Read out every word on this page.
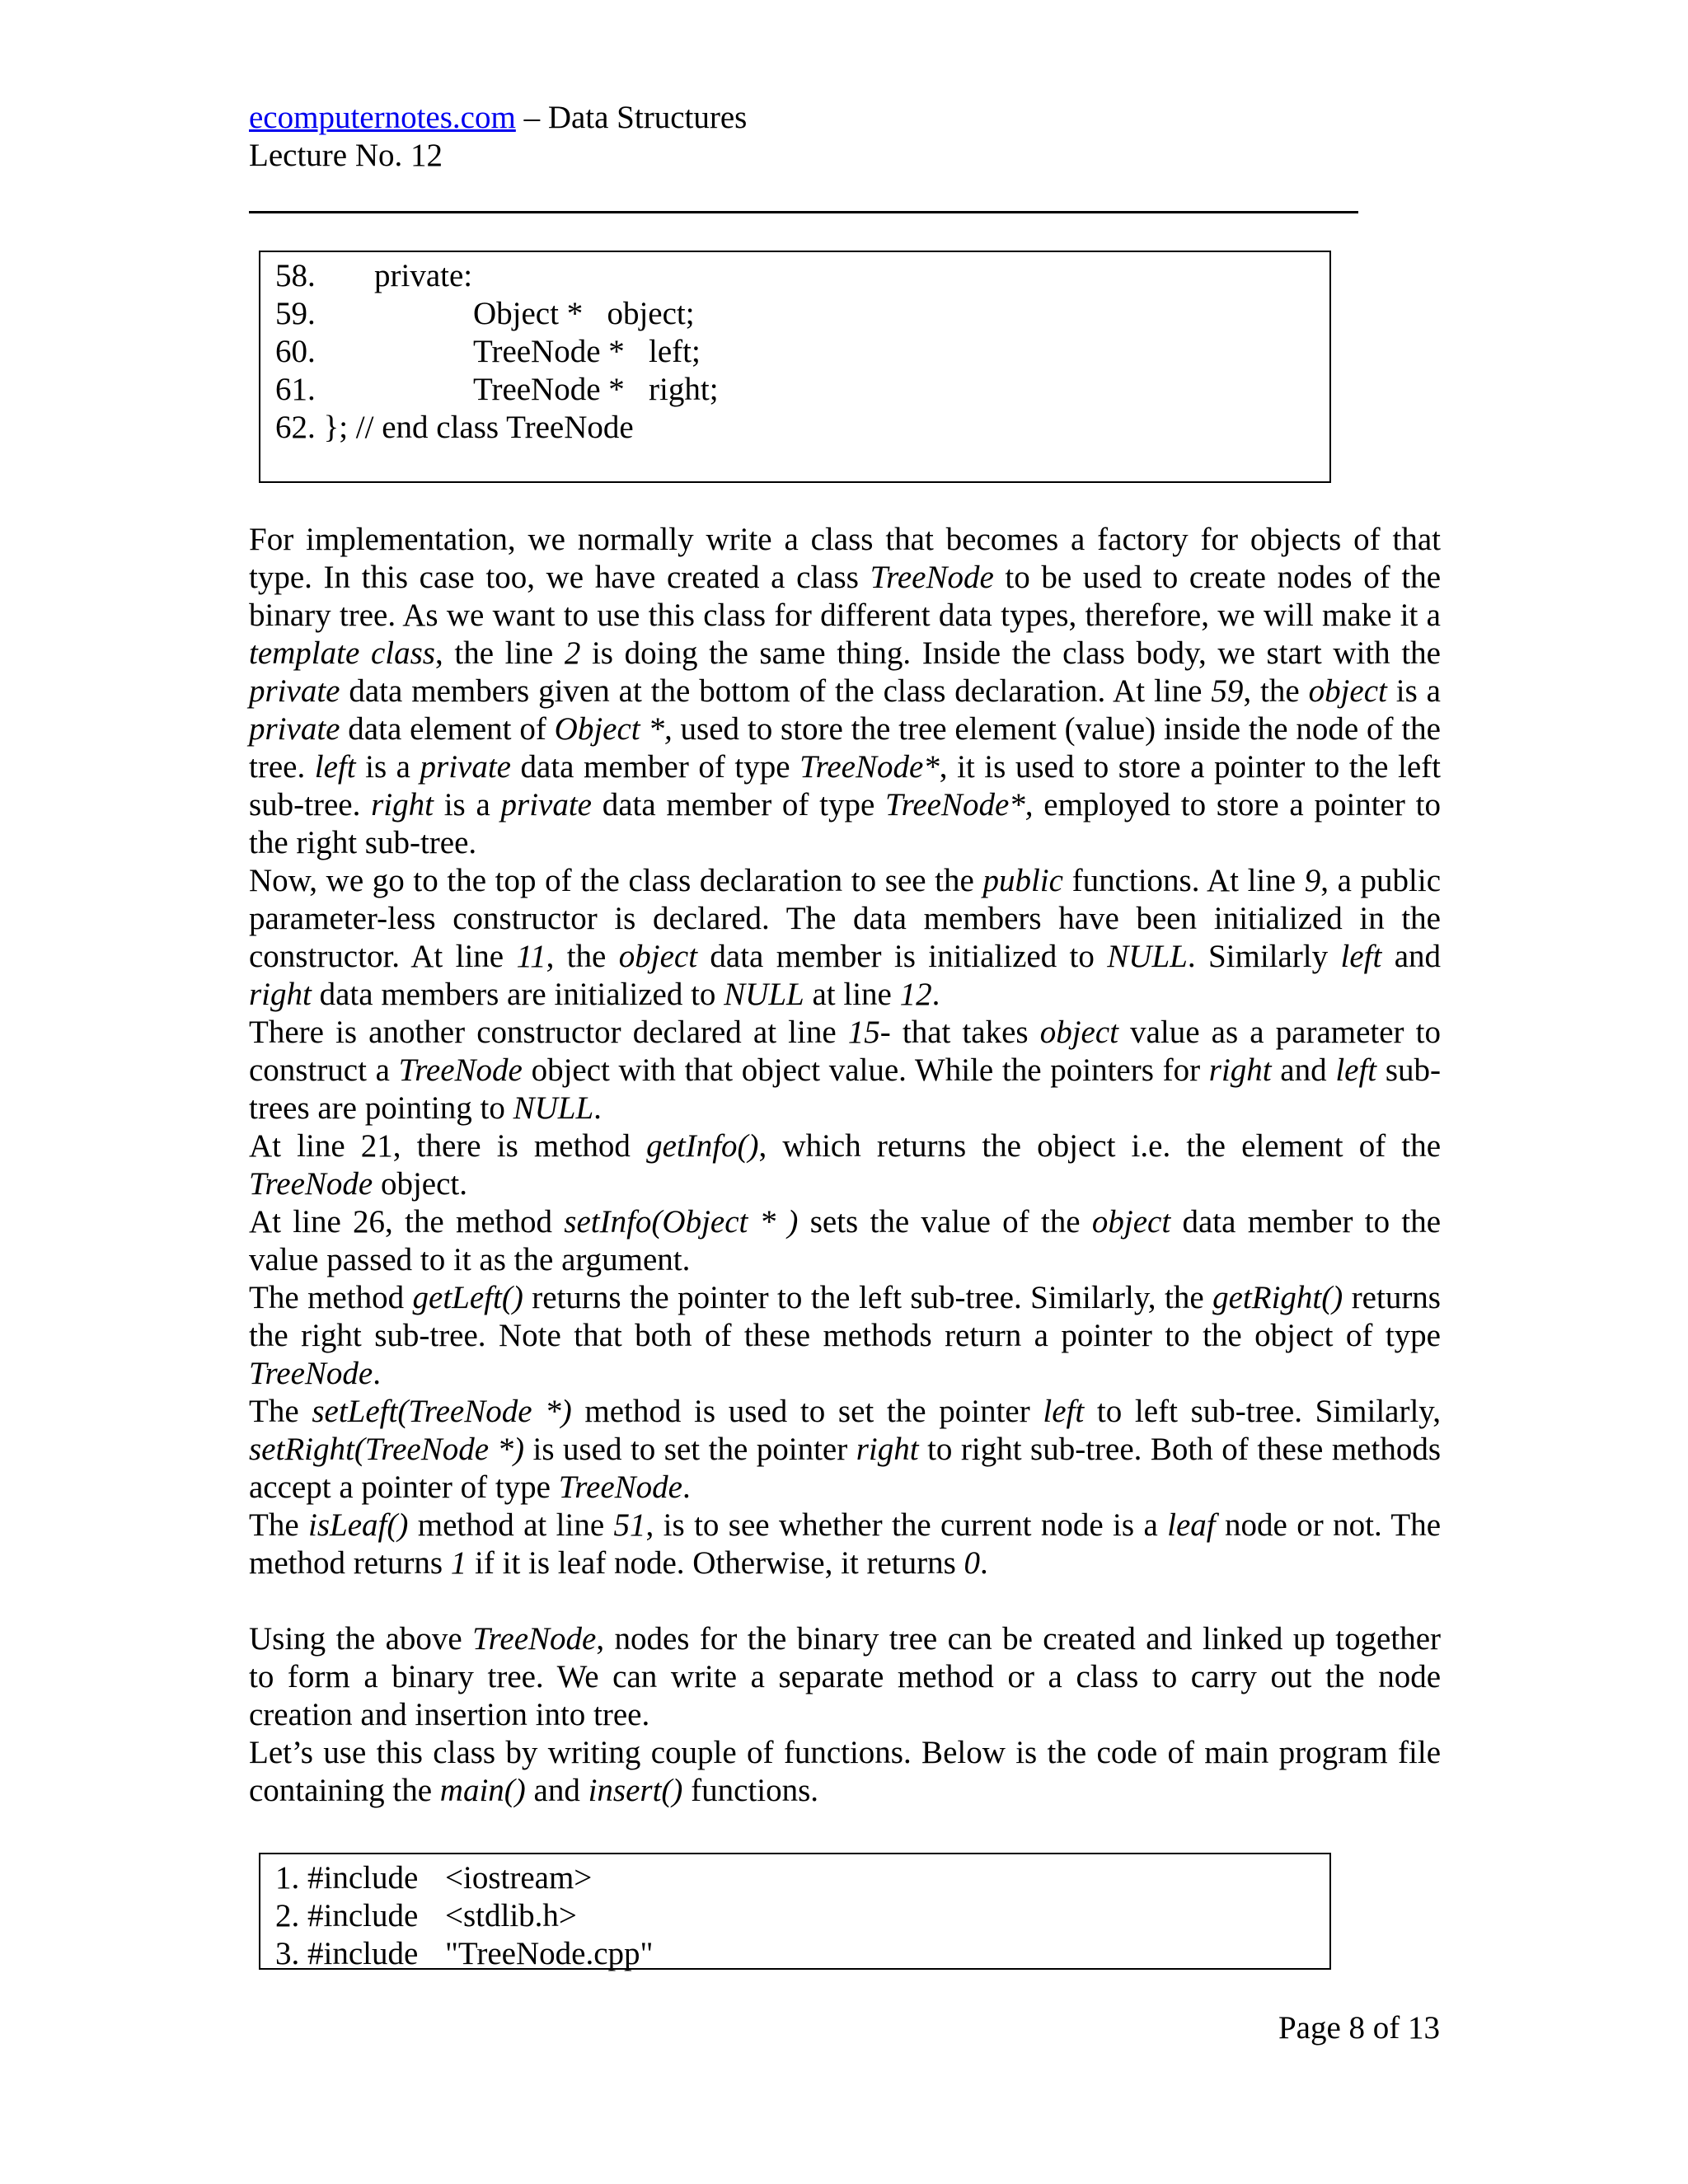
ecomputernotes.com – Data Structures
Lecture No. 12
58. private:
59.	Object *   object;
60.	TreeNode *   left;
61.	TreeNode *   right;
62. }; // end class TreeNode

For implementation, we normally write a class that becomes a factory for objects of that type. In this case too, we have created a class TreeNode to be used to create nodes of the binary tree. As we want to use this class for different data types, therefore, we will make it a template class, the line 2 is doing the same thing. Inside the class body, we start with the private data members given at the bottom of the class declaration. At line 59, the object is a private data element of Object *, used to store the tree element (value) inside the node of the tree. left is a private data member of type TreeNode*, it is used to store a pointer to the left sub-tree. right is a private data member of type TreeNode*, employed to store a pointer to the right sub-tree.

Now, we go to the top of the class declaration to see the public functions. At line 9, a public parameter-less constructor is declared. The data members have been initialized in the constructor. At line 11, the object data member is initialized to NULL. Similarly left and right data members are initialized to NULL at line 12.

There is another constructor declared at line 15- that takes object value as a parameter to construct a TreeNode object with that object value. While the pointers for right and left sub-trees are pointing to NULL.

At line 21, there is method getInfo(), which returns the object i.e. the element of the TreeNode object.

At line 26, the method setInfo(Object * ) sets the value of the object data member to the value passed to it as the argument.

The method getLeft() returns the pointer to the left sub-tree. Similarly, the getRight() returns the right sub-tree. Note that both of these methods return a pointer to the object of type TreeNode.

The setLeft(TreeNode *) method is used to set the pointer left to left sub-tree. Similarly, setRight(TreeNode *) is used to set the pointer right to right sub-tree. Both of these methods accept a pointer of type TreeNode.

The isLeaf() method at line 51, is to see whether the current node is a leaf node or not. The method returns 1 if it is leaf node. Otherwise, it returns 0.

Using the above TreeNode, nodes for the binary tree can be created and linked up together to form a binary tree. We can write a separate method or a class to carry out the node creation and insertion into tree.

Let’s use this class by writing couple of functions. Below is the code of main program file containing the main() and insert() functions.

1. #include <iostream>
2. #include <stdlib.h>
3. #include "TreeNode.cpp"
Page 8 of 13
